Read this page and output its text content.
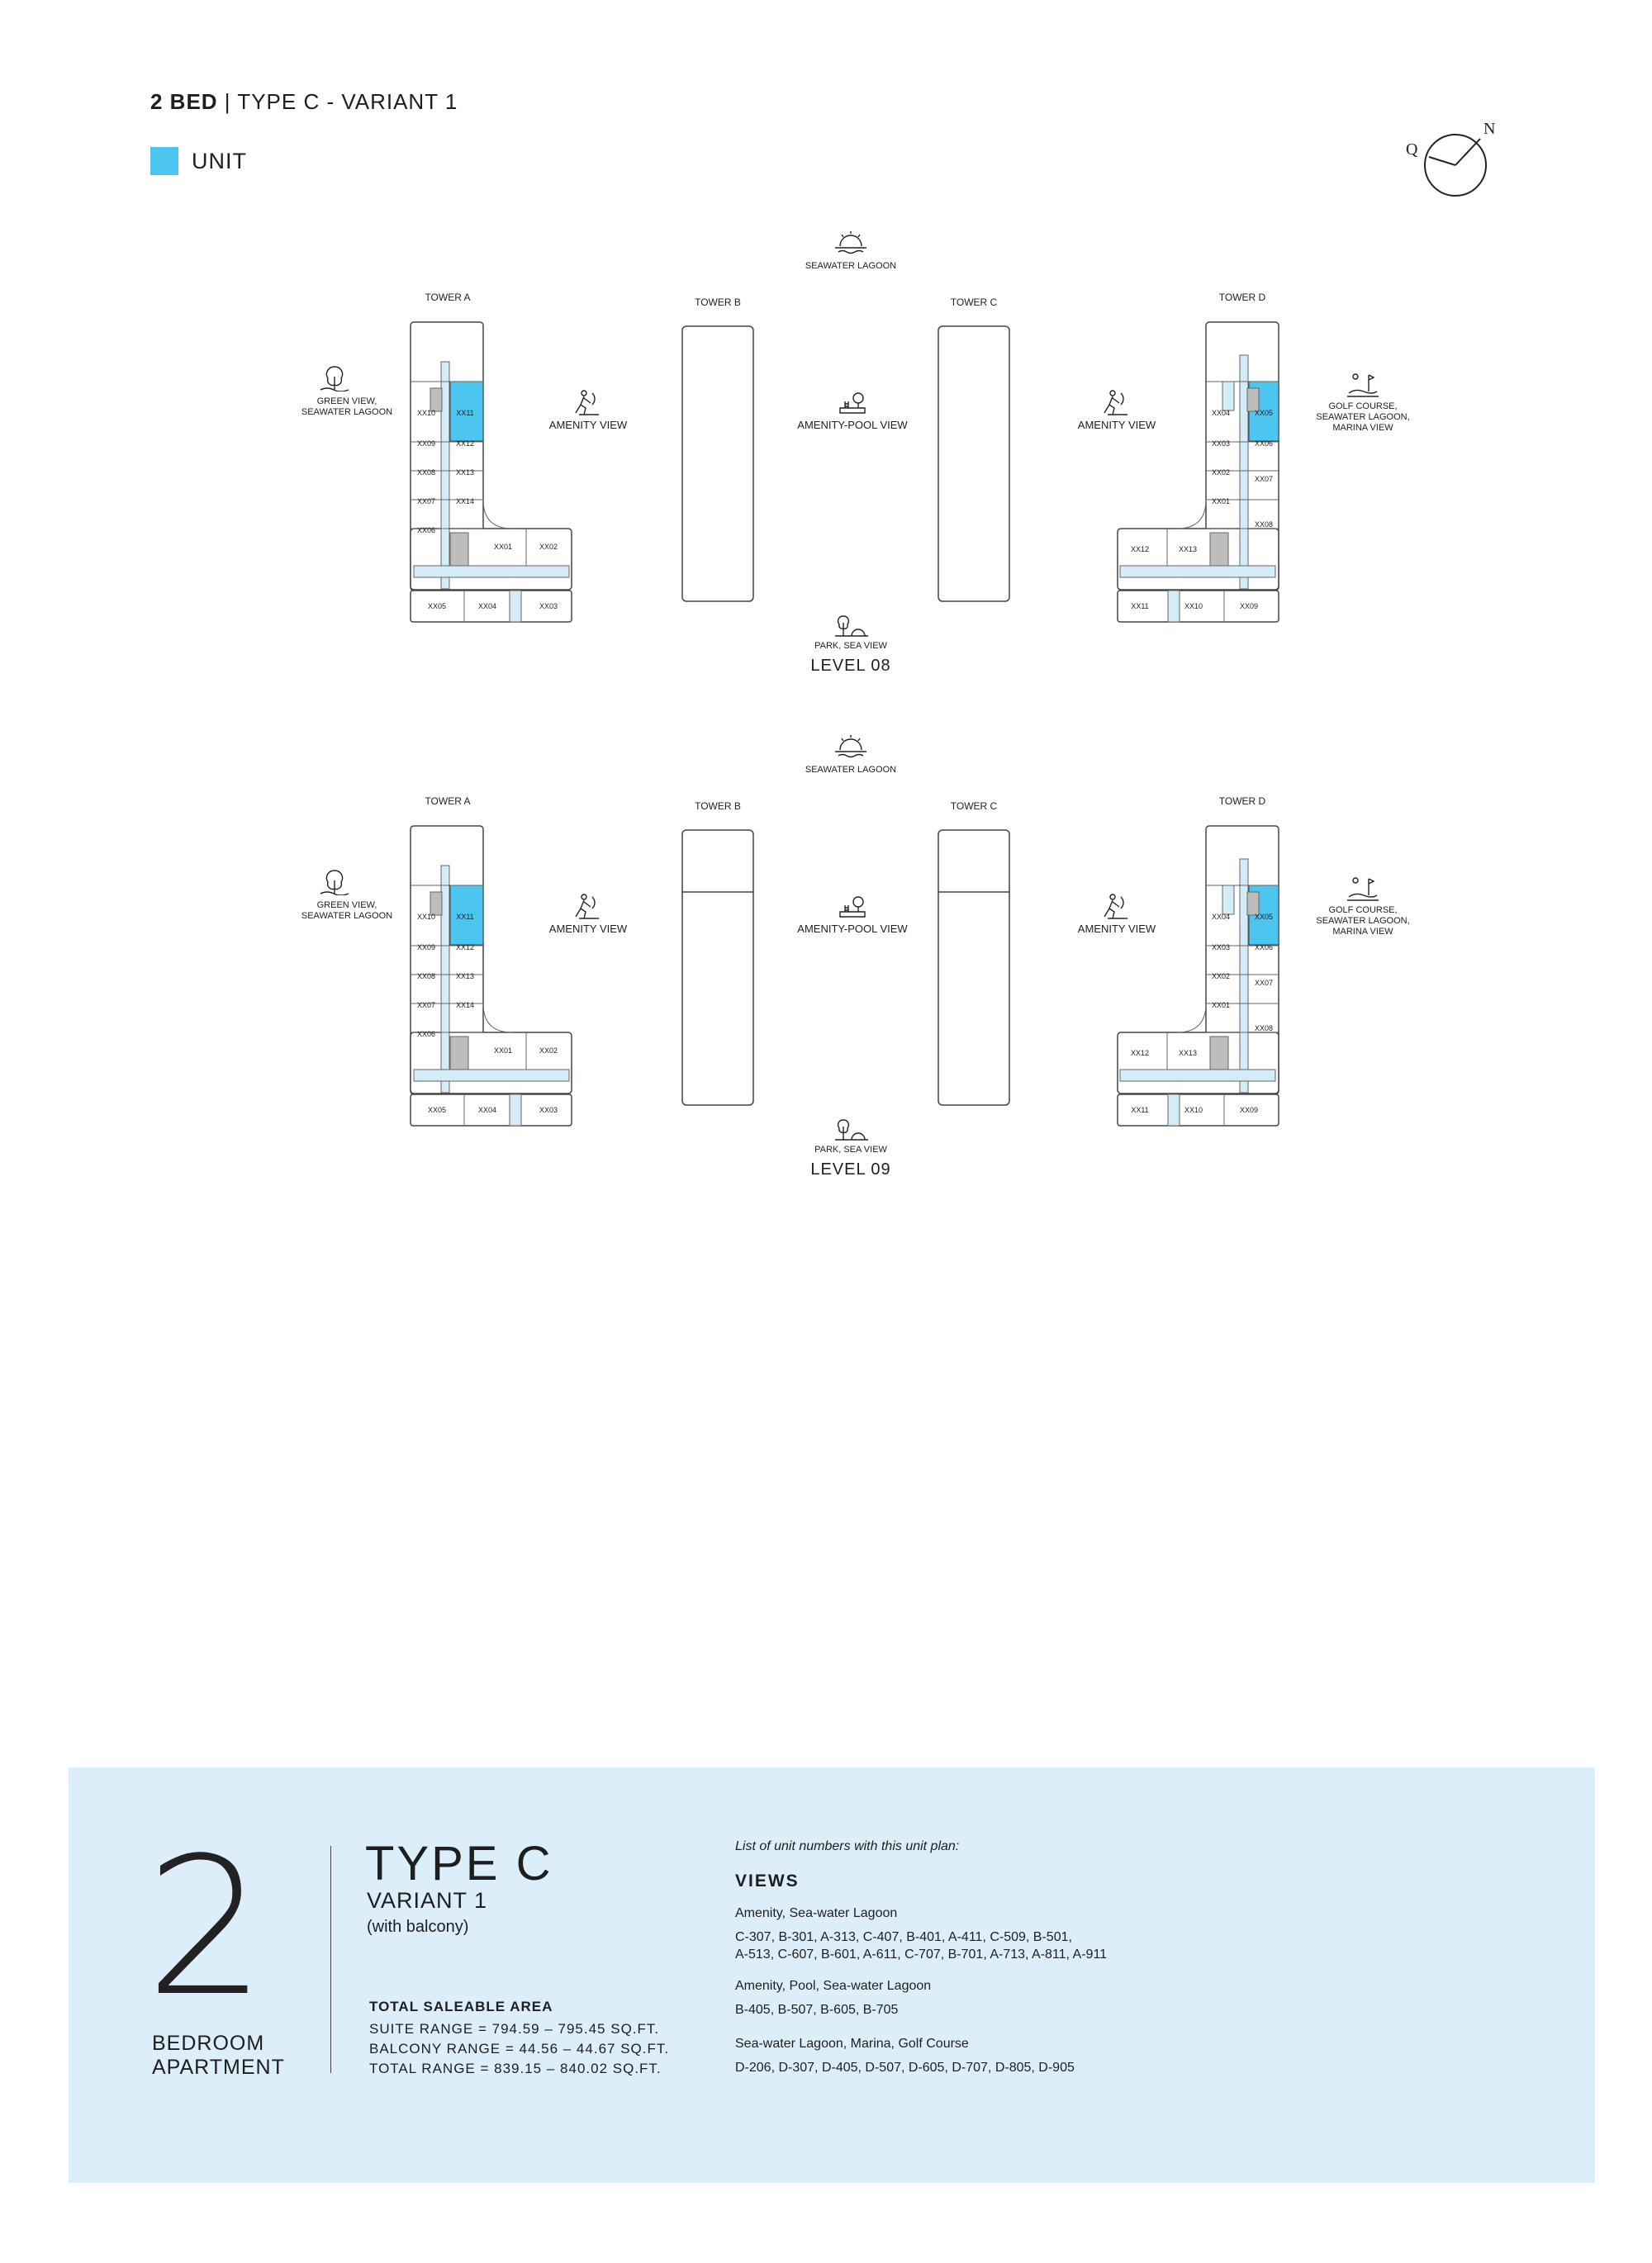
2 BED | TYPE C - VARIANT 1
UNIT	Q
N
XX10	XX11
XX09	XX12
XX08	XX13
XX07	XX14
XX06
XX01	XX02
XX05	XX04	XX03
XX04	XX05
XX03	XX06
XX02
XX07
XX01
XX08
XX12	XX13
XX11	XX10	XX09
TOWER A	TOWER B	TOWER C	TOWER D
SEAWATER LAGOON
GREEN VIEW,
SEAWATER LAGOON
AMENITY VIEW	AMENITY-POOL VIEW	AMENITY VIEW
GOLF COURSE,
SEAWATER LAGOON,
MARINA VIEW
PARK, SEA VIEW
LEVEL 08
XX10	XX11
XX09	XX12
XX08	XX13
XX07	XX14
XX06
XX01	XX02
XX05	XX04	XX03
XX04	XX05
XX03	XX06
XX02
XX07
XX01
XX08
XX12	XX13
XX11	XX10	XX09
TOWER A	TOWER B	TOWER C	TOWER D
SEAWATER LAGOON
GREEN VIEW,
SEAWATER LAGOON
AMENITY VIEW	AMENITY-POOL VIEW	AMENITY VIEW
GOLF COURSE,
SEAWATER LAGOON,
MARINA VIEW
PARK, SEA VIEW
LEVEL 09
2
BEDROOM
APARTMENT
TYPE C
VARIANT 1
(with balcony)
TOTAL SALEABLE AREA
SUITE RANGE = 794.59 – 795.45 SQ.FT.
BALCONY RANGE = 44.56 – 44.67 SQ.FT.
TOTAL RANGE = 839.15 – 840.02 SQ.FT.
List of unit numbers with this unit plan:
VIEWS
Amenity, Sea-water Lagoon
C-307, B-301, A-313, C-407, B-401, A-411, C-509, B-501,
A-513, C-607, B-601, A-611, C-707, B-701, A-713, A-811, A-911
Amenity, Pool, Sea-water Lagoon
B-405, B-507, B-605, B-705
Sea-water Lagoon, Marina, Golf Course
D-206, D-307, D-405, D-507, D-605, D-707, D-805, D-905
